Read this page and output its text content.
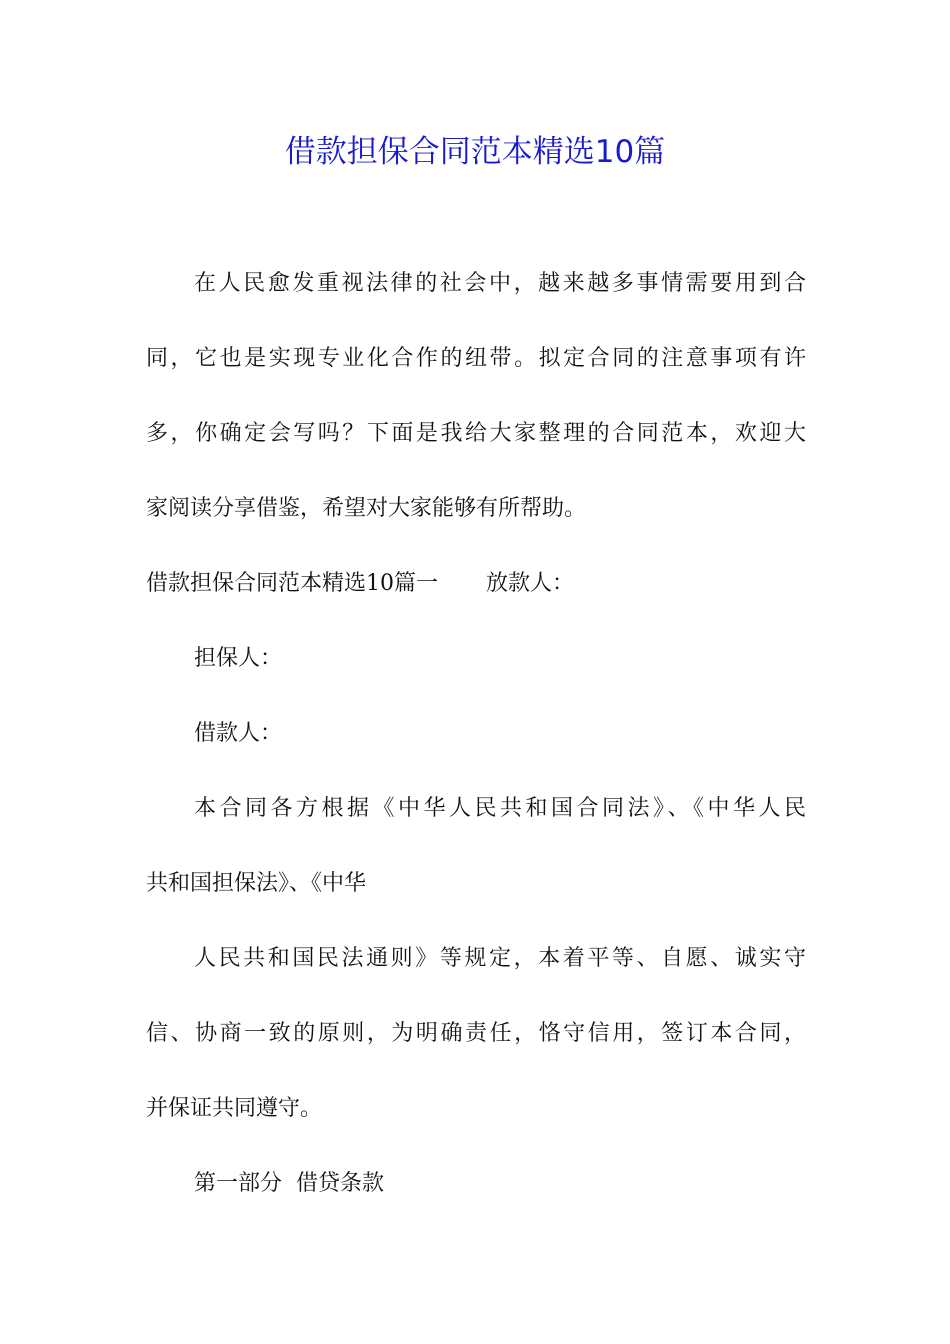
借款担保合同范本精选10篇
在人民愈发重视法律的社会中，越来越多事情需要用到合
同，它也是实现专业化合作的纽带。拟定合同的注意事项有许
多，你确定会写吗？下面是我给大家整理的合同范本，欢迎大
家阅读分享借鉴，希望对大家能够有所帮助。
借款担保合同范本精选10篇一 放款人：
担保人：
借款人：
本合同各方根据《中华人民共和国合同法》、《中华人民
共和国担保法》、《中华
人民共和国民法通则》等规定，本着平等、自愿、诚实守
信、协商一致的原则，为明确责任，恪守信用，签订本合同，
并保证共同遵守。
第一部分  借贷条款
